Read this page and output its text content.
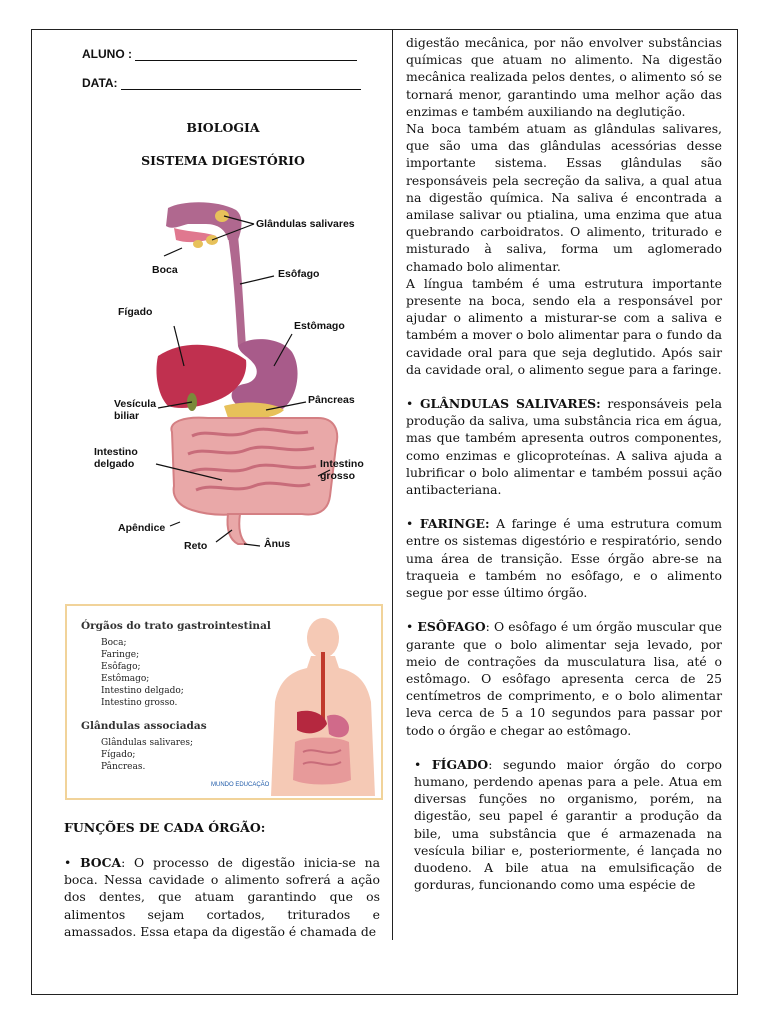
ALUNO :
DATA:
BIOLOGIA
SISTEMA DIGESTÓRIO
Glândulas salivares
Boca	Esôfago
Fígado
Estômago
Vesícula
biliar
Pâncreas
Intestino
delgado	Intestino
grosso
Apêndice
Reto	Ânus
Órgãos do trato gastrointestinal
Boca;
Faringe;
Esôfago;
Estômago;
Intestino delgado;
Intestino grosso.
Glândulas associadas
Glândulas salivares;
Fígado;
Pâncreas.
MUNDO EDUCAÇÃO
FUNÇÕES DE CADA ÓRGÃO:

• BOCA: O processo de digestão inicia-se na boca. Nessa cavidade o alimento sofrerá a ação dos dentes, que atuam garantindo que os alimentos sejam cortados, triturados e amassados. Essa etapa da digestão é chamada de

digestão mecânica, por não envolver substâncias químicas que atuam no alimento. Na digestão mecânica realizada pelos dentes, o alimento só se tornará menor, garantindo uma melhor ação das enzimas e também auxiliando na deglutição.

Na boca também atuam as glândulas salivares, que são uma das glândulas acessórias desse importante sistema. Essas glândulas são responsáveis pela secreção da saliva, a qual atua na digestão química. Na saliva é encontrada a amilase salivar ou ptialina, uma enzima que atua quebrando carboidratos. O alimento, triturado e misturado à saliva, forma um aglomerado chamado bolo alimentar.

A língua também é uma estrutura importante presente na boca, sendo ela a responsável por ajudar o alimento a misturar-se com a saliva e também a mover o bolo alimentar para o fundo da cavidade oral para que seja deglutido. Após sair da cavidade oral, o alimento segue para a faringe.

• GLÂNDULAS SALIVARES: responsáveis pela produção da saliva, uma substância rica em água, mas que também apresenta outros componentes, como enzimas e glicoproteínas. A saliva ajuda a lubrificar o bolo alimentar e também possui ação antibacteriana.

• FARINGE: A faringe é uma estrutura comum entre os sistemas digestório e respiratório, sendo uma área de transição. Esse órgão abre-se na traqueia e também no esôfago, e o alimento segue por esse último órgão.

• ESÔFAGO: O esôfago é um órgão muscular que garante que o bolo alimentar seja levado, por meio de contrações da musculatura lisa, até o estômago. O esôfago apresenta cerca de 25 centímetros de comprimento, e o bolo alimentar leva cerca de 5 a 10 segundos para passar por todo o órgão e chegar ao estômago.

• FÍGADO: segundo maior órgão do corpo humano, perdendo apenas para a pele. Atua em diversas funções no organismo, porém, na digestão, seu papel é garantir a produção da bile, uma substância que é armazenada na vesícula biliar e, posteriormente, é lançada no duodeno. A bile atua na emulsificação de gorduras, funcionando como uma espécie de
